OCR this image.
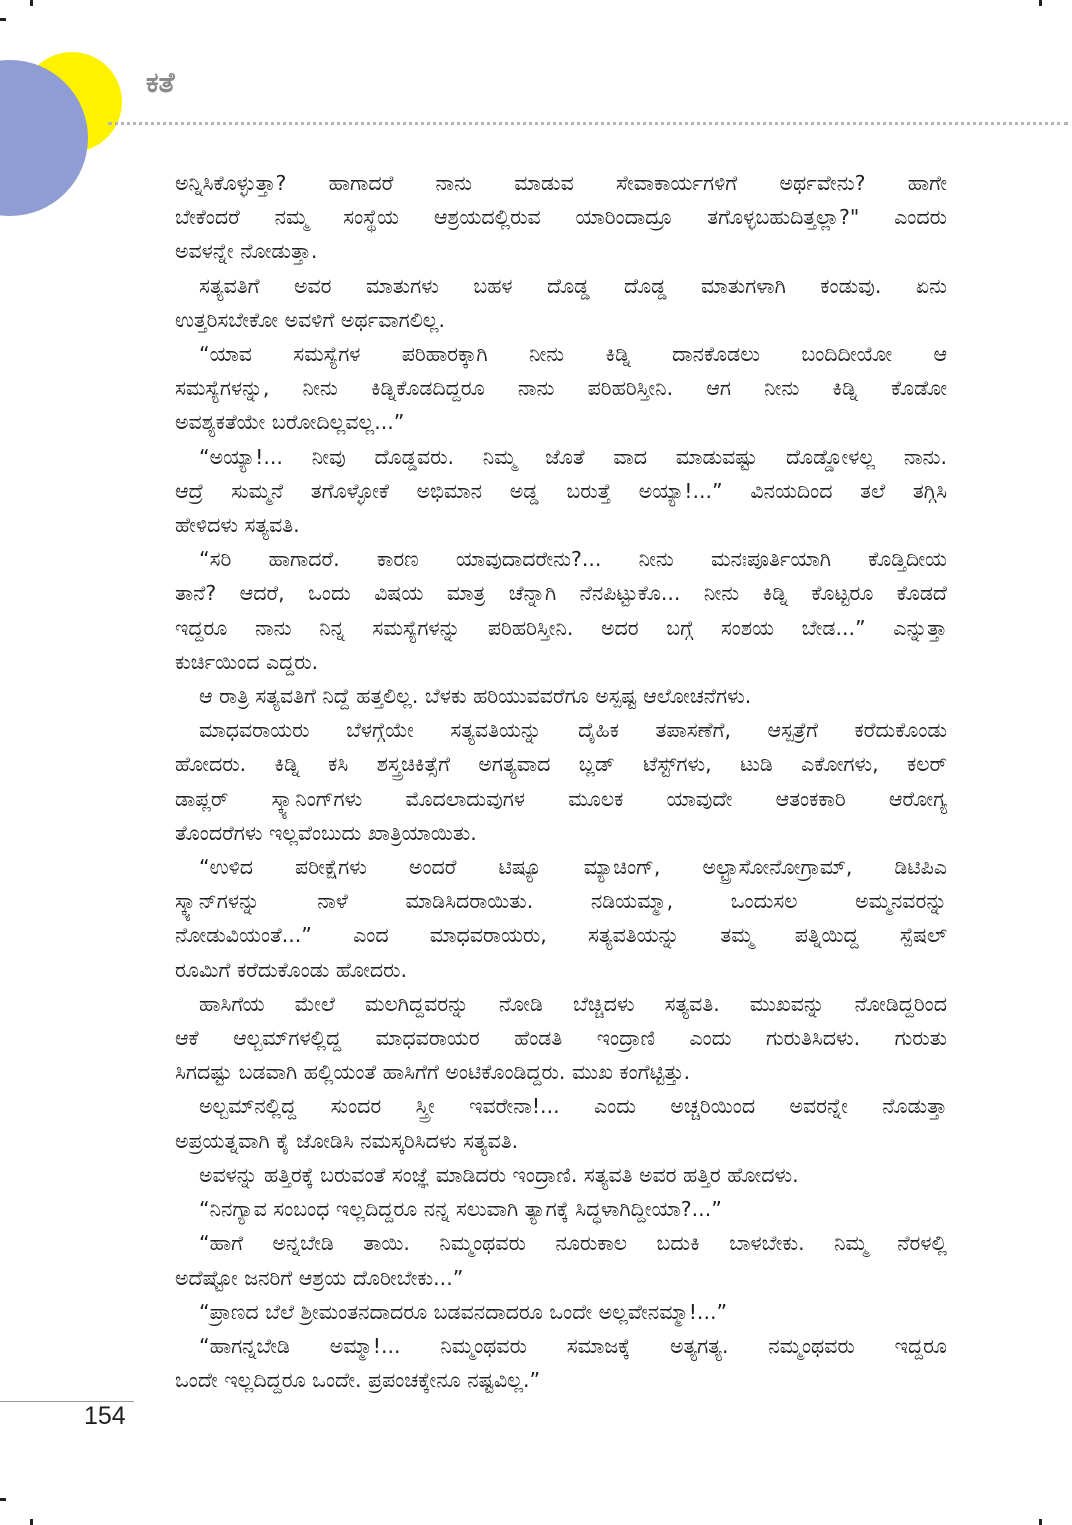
ಕತೆ
ಅನ್ನಿಸಿಕೊಳ್ಳುತ್ತಾ? ಹಾಗಾದರೆ ನಾನು ಮಾಡುವ ಸೇವಾಕಾರ್ಯಗಳಿಗೆ ಅರ್ಥವೇನು? ಹಾಗೇ
ಬೇಕೆಂದರೆ ನಮ್ಮ ಸಂಸ್ಥೆಯ ಆಶ್ರಯದಲ್ಲಿರುವ ಯಾರಿಂದಾದ್ರೂ ತಗೊಳ್ಳಬಹುದಿತ್ತಲ್ಲಾ?" ಎಂದರು
ಅವಳನ್ನೇ ನೋಡುತ್ತಾ.
ಸತ್ಯವತಿಗೆ ಅವರ ಮಾತುಗಳು ಬಹಳ ದೊಡ್ಡ ದೊಡ್ಡ ಮಾತುಗಳಾಗಿ ಕಂಡುವು. ಏನು
ಉತ್ತರಿಸಬೇಕೋ ಅವಳಿಗೆ ಅರ್ಥವಾಗಲಿಲ್ಲ.
“ಯಾವ ಸಮಸ್ಯೆಗಳ ಪರಿಹಾರಕ್ಕಾಗಿ ನೀನು ಕಿಡ್ನಿ ದಾನಕೊಡಲು ಬಂದಿದೀಯೋ ಆ
ಸಮಸ್ಯೆಗಳನ್ನು, ನೀನು ಕಿಡ್ನಿಕೊಡದಿದ್ದರೂ ನಾನು ಪರಿಹರಿಸ್ತೀನಿ. ಆಗ ನೀನು ಕಿಡ್ನಿ ಕೊಡೋ
ಅವಶ್ಯಕತೆಯೇ ಬರೋದಿಲ್ಲವಲ್ಲ...”
“ಅಯ್ಯಾ!... ನೀವು ದೊಡ್ಡವರು. ನಿಮ್ಮ ಜೊತೆ ವಾದ ಮಾಡುವಷ್ಟು ದೊಡ್ಡೋಳಲ್ಲ ನಾನು.
ಆದ್ರೆ ಸುಮ್ಮನೆ ತಗೊಳ್ಳೋಕೆ ಅಭಿಮಾನ ಅಡ್ಡ ಬರುತ್ತೆ ಅಯ್ಯಾ!...” ವಿನಯದಿಂದ ತಲೆ ತಗ್ಗಿಸಿ
ಹೇಳಿದಳು ಸತ್ಯವತಿ.
“ಸರಿ ಹಾಗಾದರೆ. ಕಾರಣ ಯಾವುದಾದರೇನು?... ನೀನು ಮನಃಪೂರ್ತಿಯಾಗಿ ಕೊಡ್ತಿದೀಯ
ತಾನೆ? ಆದರೆ, ಒಂದು ವಿಷಯ ಮಾತ್ರ ಚೆನ್ನಾಗಿ ನೆನಪಿಟ್ಟುಕೊ... ನೀನು ಕಿಡ್ನಿ ಕೊಟ್ಟರೂ ಕೊಡದೆ
ಇದ್ದರೂ ನಾನು ನಿನ್ನ ಸಮಸ್ಯೆಗಳನ್ನು ಪರಿಹರಿಸ್ತೀನಿ. ಅದರ ಬಗ್ಗೆ ಸಂಶಯ ಬೇಡ...” ಎನ್ನುತ್ತಾ
ಕುರ್ಚಿಯಿಂದ ಎದ್ದರು.
ಆ ರಾತ್ರಿ ಸತ್ಯವತಿಗೆ ನಿದ್ದೆ ಹತ್ತಲಿಲ್ಲ. ಬೆಳಕು ಹರಿಯುವವರೆಗೂ ಅಸ್ಪಷ್ಟ ಆಲೋಚನೆಗಳು.
ಮಾಧವರಾಯರು ಬೆಳಗ್ಗೆಯೇ ಸತ್ಯವತಿಯನ್ನು ದೈಹಿಕ ತಪಾಸಣೆಗೆ, ಆಸ್ಪತ್ರೆಗೆ ಕರೆದುಕೊಂಡು
ಹೋದರು. ಕಿಡ್ನಿ ಕಸಿ ಶಸ್ತ್ರಚಿಕಿತ್ಸೆಗೆ ಅಗತ್ಯವಾದ ಬ್ಲಡ್ ಟೆಸ್ಟ್‌ಗಳು, ಟುಡಿ ಎಕೋಗಳು, ಕಲರ್
ಡಾಪ್ಲರ್ ಸ್ಕ್ಯಾನಿಂಗ್‌ಗಳು ಮೊದಲಾದುವುಗಳ ಮೂಲಕ ಯಾವುದೇ ಆತಂಕಕಾರಿ ಆರೋಗ್ಯ
ತೊಂದರೆಗಳು ಇಲ್ಲವೆಂಬುದು ಖಾತ್ರಿಯಾಯಿತು.
“ಉಳಿದ ಪರೀಕ್ಷೆಗಳು ಅಂದರೆ ಟಿಷ್ಯೂ ಮ್ಯಾಚಿಂಗ್, ಅಲ್ಟ್ರಾಸೋನೋಗ್ರಾಮ್, ಡಿಟಿಪಿಎ
ಸ್ಕ್ಯಾನ್‌ಗಳನ್ನು ನಾಳೆ ಮಾಡಿಸಿದರಾಯಿತು. ನಡಿಯಮ್ಮಾ, ಒಂದುಸಲ ಅಮ್ಮನವರನ್ನು
ನೋಡುವಿಯಂತೆ...” ಎಂದ ಮಾಧವರಾಯರು, ಸತ್ಯವತಿಯನ್ನು ತಮ್ಮ ಪತ್ನಿಯಿದ್ದ ಸ್ಪೆಷಲ್
ರೂಮಿಗೆ ಕರೆದುಕೊಂಡು ಹೋದರು.
ಹಾಸಿಗೆಯ ಮೇಲೆ ಮಲಗಿದ್ದವರನ್ನು ನೋಡಿ ಬೆಚ್ಚಿದಳು ಸತ್ಯವತಿ. ಮುಖವನ್ನು ನೋಡಿದ್ದರಿಂದ
ಆಕೆ ಆಲ್ಬಮ್‌ಗಳಲ್ಲಿದ್ದ ಮಾಧವರಾಯರ ಹೆಂಡತಿ ಇಂದ್ರಾಣಿ ಎಂದು ಗುರುತಿಸಿದಳು. ಗುರುತು
ಸಿಗದಷ್ಟು ಬಡವಾಗಿ ಹಲ್ಲಿಯಂತೆ ಹಾಸಿಗೆಗೆ ಅಂಟಿಕೊಂಡಿದ್ದರು. ಮುಖ ಕಂಗೆಟ್ಟಿತ್ತು.
ಅಲ್ಬಮ್‌ನಲ್ಲಿದ್ದ ಸುಂದರ ಸ್ತ್ರೀ ಇವರೇನಾ!... ಎಂದು ಅಚ್ಚರಿಯಿಂದ ಅವರನ್ನೇ ನೊಡುತ್ತಾ
ಅಪ್ರಯತ್ನವಾಗಿ ಕೈ ಜೋಡಿಸಿ ನಮಸ್ಕರಿಸಿದಳು ಸತ್ಯವತಿ.
ಅವಳನ್ನು ಹತ್ತಿರಕ್ಕೆ ಬರುವಂತೆ ಸಂಜ್ಞೆ ಮಾಡಿದರು ಇಂದ್ರಾಣಿ. ಸತ್ಯವತಿ ಅವರ ಹತ್ತಿರ ಹೋದಳು.
“ನಿನಗ್ಯಾವ ಸಂಬಂಧ ಇಲ್ಲದಿದ್ದರೂ ನನ್ನ ಸಲುವಾಗಿ ತ್ಯಾಗಕ್ಕೆ ಸಿದ್ಧಳಾಗಿದ್ದೀಯಾ?...”
“ಹಾಗೆ ಅನ್ನಬೇಡಿ ತಾಯಿ. ನಿಮ್ಮಂಥವರು ನೂರುಕಾಲ ಬದುಕಿ ಬಾಳಬೇಕು. ನಿಮ್ಮ ನೆರಳಲ್ಲಿ
ಅದೆಷ್ಟೋ ಜನರಿಗೆ ಆಶ್ರಯ ದೊರೀಬೇಕು...”
“ಪ್ರಾಣದ ಬೆಲೆ ಶ್ರೀಮಂತನದಾದರೂ ಬಡವನದಾದರೂ ಒಂದೇ ಅಲ್ಲವೇನಮ್ಮಾ!...”
“ಹಾಗನ್ನಬೇಡಿ ಅಮ್ಮಾ!... ನಿಮ್ಮಂಥವರು ಸಮಾಜಕ್ಕೆ ಅತ್ಯಗತ್ಯ. ನಮ್ಮಂಥವರು ಇದ್ದರೂ
ಒಂದೇ ಇಲ್ಲದಿದ್ದರೂ ಒಂದೇ. ಪ್ರಪಂಚಕ್ಕೇನೂ ನಷ್ಟವಿಲ್ಲ.”
154
